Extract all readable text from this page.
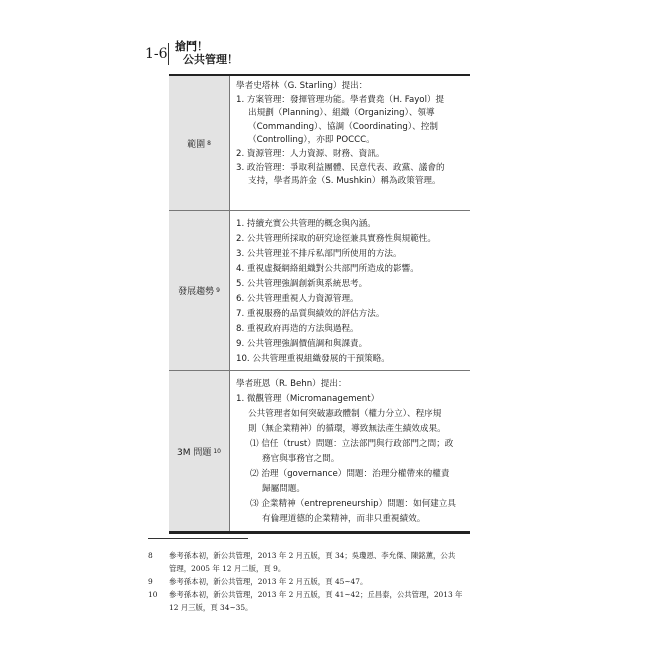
1-6 搶鬥！
公共管理！
範圍 8
學者史塔林（G. Starling）提出：
1. 方案管理：發揮管理功能。學者費堯（H. Fayol）提
出規劃（Planning）、組織（Organizing）、領導
（Commanding）、協調（Coordinating）、控制
（Controlling），亦即 POCCC。
2. 資源管理：人力資源、財務、資訊。
3. 政治管理：爭取利益團體、民意代表、政黨、議會的
支持，學者馬許金（S. Mushkin）稱為政策管理。
發展趨勢 9
1. 持續充實公共管理的概念與內涵。
2. 公共管理所採取的研究途徑兼具實務性與規範性。
3. 公共管理並不排斥私部門所使用的方法。
4. 重視虛擬網絡組織對公共部門所造成的影響。
5. 公共管理強調創新與系統思考。
6. 公共管理重視人力資源管理。
7. 重視服務的品質與績效的評估方法。
8. 重視政府再造的方法與過程。
9. 公共管理強調價值調和與課責。
10. 公共管理重視組織發展的干預策略。
3M 問題 10
學者班恩（R. Behn）提出：
1. 微觀管理（Micromanagement）
公共管理者如何突破憲政體制（權力分立）、程序規
則（無企業精神）的循環，導致無法產生績效成果。
⑴ 信任（trust）問題：立法部門與行政部門之間；政
務官與事務官之間。
⑵ 治理（governance）問題：治理分權帶來的權責
歸屬問題。
⑶ 企業精神（entrepreneurship）問題：如何建立具
有倫理道德的企業精神，而非只重視績效。
8	參考孫本初，新公共管理，2013 年 2 月五版，頁 34；吳瓊恩、李允傑、陳銘薰，公共
管理，2005 年 12 月二版，頁 9。
9	參考孫本初，新公共管理，2013 年 2 月五版，頁 45~47。
10	參考孫本初，新公共管理，2013 年 2 月五版，頁 41~42；丘昌泰，公共管理，2013 年
12 月三版，頁 34~35。
